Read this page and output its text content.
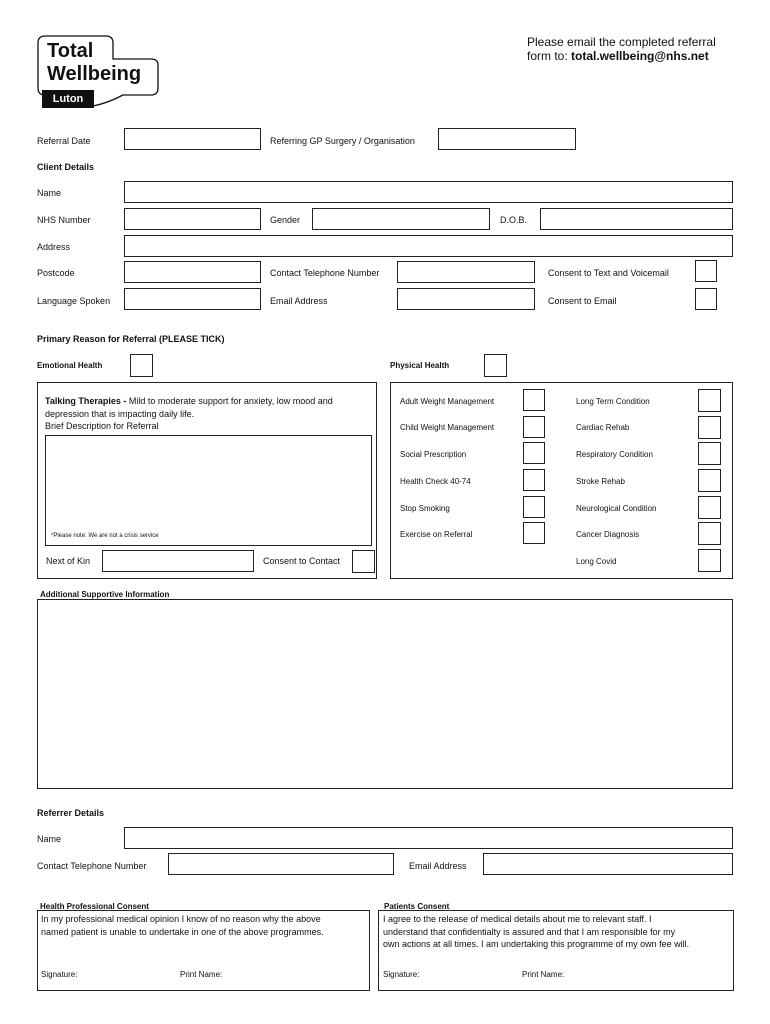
Total
Wellbeing
Luton
Please email the completed referral
form to: total.wellbeing@nhs.net
Referral Date	Referring GP Surgery / Organisation
Client Details
Name
NHS Number	Gender	D.O.B.
Address
Postcode	Contact Telephone Number	Consent to Text and Voicemail
Language Spoken	Email Address	Consent to Email
Primary Reason for Referral (PLEASE TICK)
Emotional Health	Physical Health
Talking Therapies - Mild to moderate support for anxiety, low mood and
depression that is impacting daily life.
Brief Description for Referral
*Please note: We are not a crisis service
Next of Kin	Consent to Contact
Adult Weight Management
Child Weight Management
Social Prescription
Health Check 40-74
Stop Smoking
Exercise on Referral
Long Term Condition
Cardiac Rehab
Respiratory Condition
Stroke Rehab
Neurological Condition
Cancer Diagnosis
Long Covid
Additional Supportive Information
Referrer Details
Name
Contact Telephone Number	Email Address
Health Professional Consent
In my professional medical opinion I know of no reason why the above
named patient is unable to undertake in one of the above programmes.
Signature:	Print Name:
Patients Consent
I agree to the release of medical details about me to relevant staff. I
understand that confidentialty is assured and that I am responsible for my
own actions at all times. I am undertaking this programme of my own fee will.
Signature:	Print Name:
